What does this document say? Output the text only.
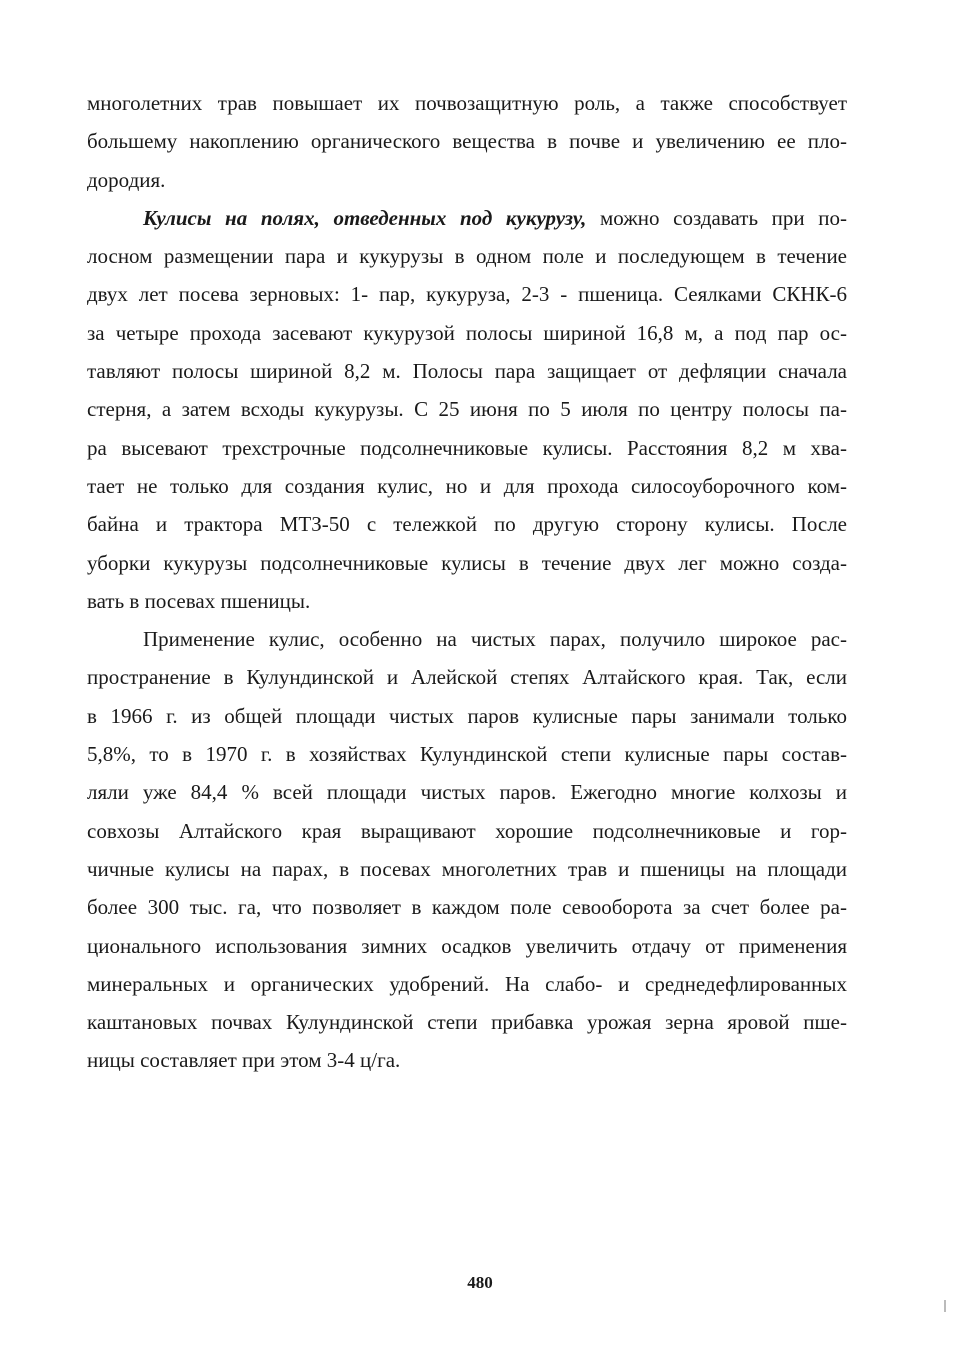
многолетних трав повышает их почвозащитную роль, а также способствует
большему накоплению органического вещества в почве и увеличению ее пло-
дородия.
Кулисы на полях, отведенных под кукурузу, можно создавать при по-
лосном размещении пара и кукурузы в одном поле и последующем в течение
двух лет посева зерновых: 1- пар, кукуруза, 2-3 - пшеница. Сеялками СКНК-6
за четыре прохода засевают кукурузой полосы шириной 16,8 м, а под пар ос-
тавляют полосы шириной 8,2 м. Полосы пара защищает от дефляции сначала
стерня, а затем всходы кукурузы. С 25 июня по 5 июля по центру полосы па-
ра высевают трехстрочные подсолнечниковые кулисы. Расстояния 8,2 м хва-
тает не только для создания кулис, но и для прохода силосоуборочного ком-
байна и трактора МТЗ-50 с тележкой по другую сторону кулисы. После
уборки кукурузы подсолнечниковые кулисы в течение двух лег можно созда-
вать в посевах пшеницы.
Применение кулис, особенно на чистых парах, получило широкое рас-
пространение в Кулундинской и Алейской степях Алтайского края. Так, если
в 1966 г. из общей площади чистых паров кулисные пары занимали только
5,8%, то в 1970 г. в хозяйствах Кулундинской степи кулисные пары состав-
ляли уже 84,4 % всей площади чистых паров. Ежегодно многие колхозы и
совхозы Алтайского края выращивают хорошие подсолнечниковые и гор-
чичные кулисы на парах, в посевах многолетних трав и пшеницы на площади
более 300 тыс. га, что позволяет в каждом поле севооборота за счет более ра-
ционального использования зимних осадков увеличить отдачу от применения
минеральных и органических удобрений. На слабо- и среднедефлированных
каштановых почвах Кулундинской степи прибавка урожая зерна яровой пше-
ницы составляет при этом 3-4 ц/га.
480
